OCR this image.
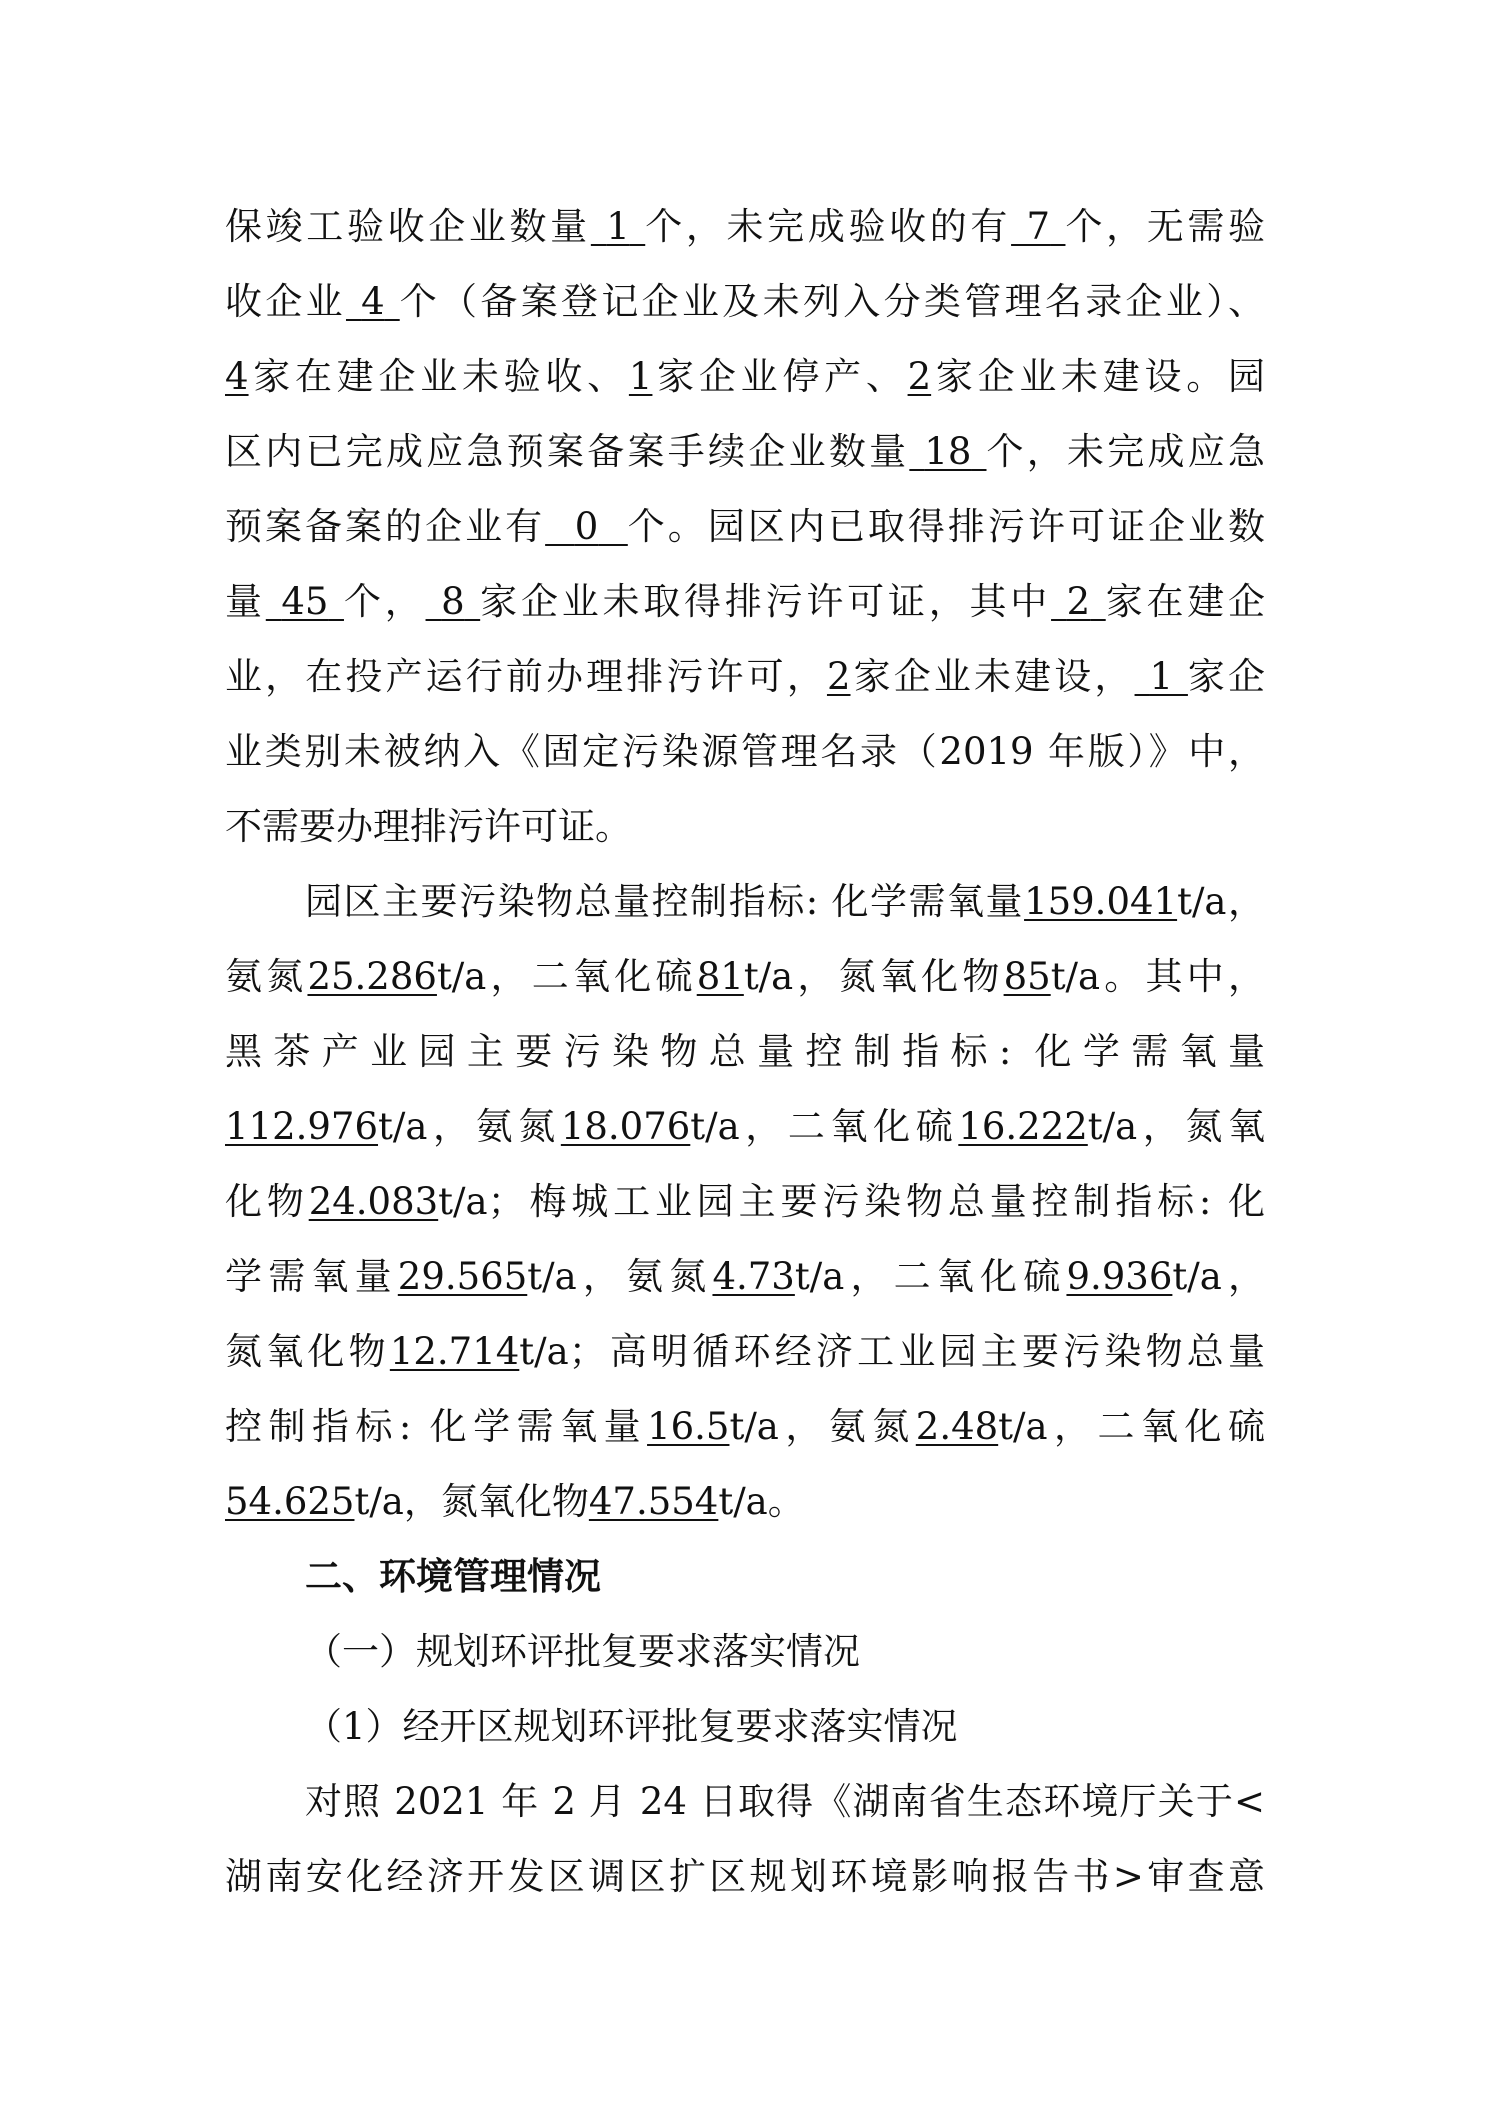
保竣工验收企业数量 1 个，未完成验收的有 7 个，无需验
收企业 4 个（备案登记企业及未列入分类管理名录企业）、
4家在建企业未验收、1家企业停产、2家企业未建设。园
区内已完成应急预案备案手续企业数量 18 个，未完成应急
预案备案的企业有 0 个。园区内已取得排污许可证企业数
量 45 个， 8 家企业未取得排污许可证，其中 2 家在建企
业，在投产运行前办理排污许可，2家企业未建设， 1 家企
业类别未被纳入《固定污染源管理名录（2019 年版）》中，
不需要办理排污许可证。
园区主要污染物总量控制指标: 化学需氧量159.041t/a，
氨氮25.286t/a，二氧化硫81t/a，氮氧化物85t/a。其中，
黑茶产业园主要污染物总量控制指标: 化学需氧量
112.976t/a，氨氮18.076t/a，二氧化硫16.222t/a，氮氧
化物24.083t/a；梅城工业园主要污染物总量控制指标: 化
学需氧量29.565t/a，氨氮4.73t/a，二氧化硫9.936t/a，
氮氧化物12.714t/a；高明循环经济工业园主要污染物总量
控制指标: 化学需氧量16.5t/a，氨氮2.48t/a，二氧化硫
54.625t/a，氮氧化物47.554t/a。
二、环境管理情况
（一）规划环评批复要求落实情况
（1）经开区规划环评批复要求落实情况
对照 2021 年 2 月 24 日取得《湖南省生态环境厅关于<
湖南安化经济开发区调区扩区规划环境影响报告书>审查意
